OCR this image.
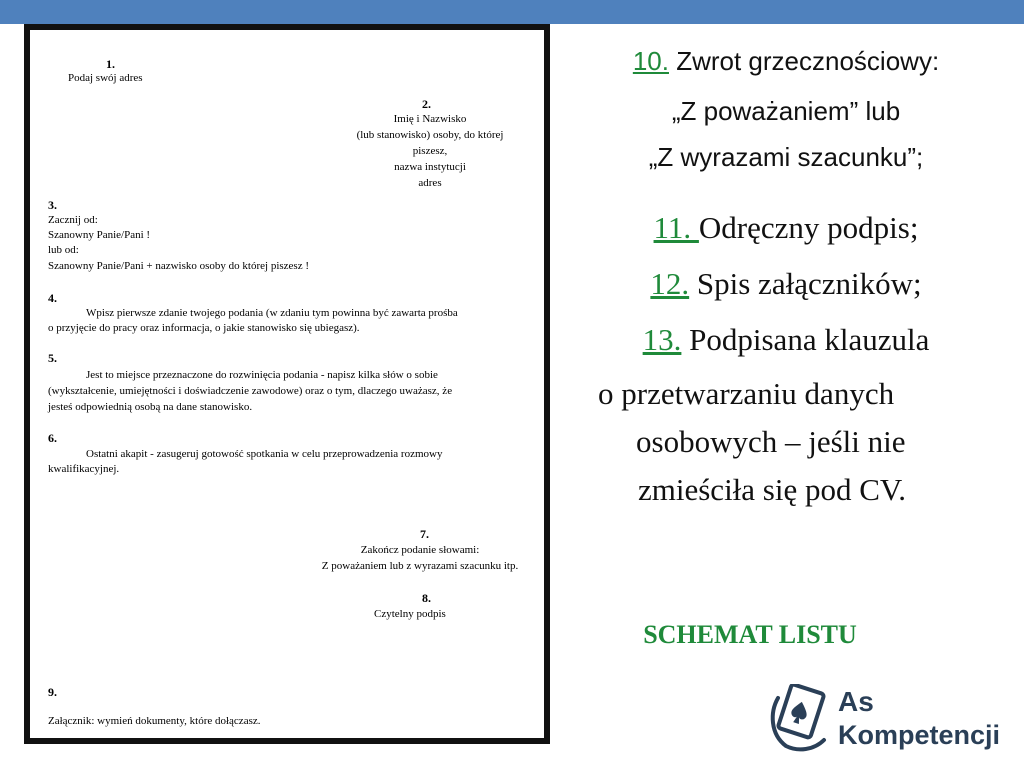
1.
Podaj swój adres
2.
Imię i Nazwisko
(lub stanowisko) osoby, do której
piszesz,
nazwa instytucji
adres
3.
Zacznij od:
Szanowny Panie/Pani !
lub od:
Szanowny Panie/Pani + nazwisko osoby do której piszesz !
4.
Wpisz pierwsze zdanie twojego podania (w zdaniu tym powinna być zawarta prośba
o przyjęcie do pracy oraz informacja, o jakie stanowisko się ubiegasz).
5.
Jest to miejsce przeznaczone do rozwinięcia podania - napisz kilka słów o sobie
(wykształcenie, umiejętności i doświadczenie zawodowe) oraz o tym, dlaczego uważasz, że
jesteś odpowiednią osobą na dane stanowisko.
6.
Ostatni akapit - zasugeruj gotowość spotkania w celu przeprowadzenia rozmowy
kwalifikacyjnej.
7.
Zakończ podanie słowami:
Z poważaniem lub z wyrazami szacunku itp.
8.
Czytelny podpis
9.
Załącznik: wymień dokumenty, które dołączasz.
10. Zwrot grzecznościowy:
„Z poważaniem” lub
„Z wyrazami szacunku”;
11. Odręczny podpis;
12. Spis załączników;
13. Podpisana klauzula
o przetwarzaniu danych
osobowych – jeśli nie
zmieściła się pod CV.
SCHEMAT LISTU
As
Kompetencji
